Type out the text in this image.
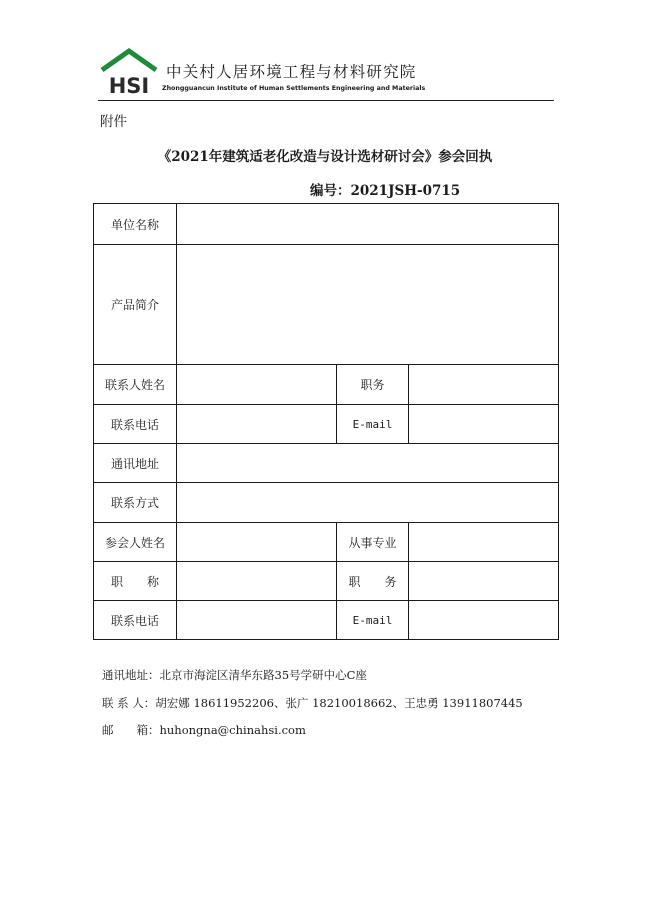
HSI
中关村人居环境工程与材料研究院
Zhongguancun Institute of Human Settlements Engineering and Materials
附件
《2021年建筑适老化改造与设计选材研讨会》参会回执
编号：2021JSH-0715
单位名称			
产品简介			
联系人姓名		职务	
联系电话		E-mail	
通讯地址			
联系方式			
参会人姓名		从事专业	
职　　称		职　　务	
联系电话		E-mail	
通讯地址：北京市海淀区清华东路35号学研中心C座
联 系 人：胡宏娜 18611952206、张广 18210018662、王忠勇 13911807445
邮　　箱：huhongna@chinahsi.com
